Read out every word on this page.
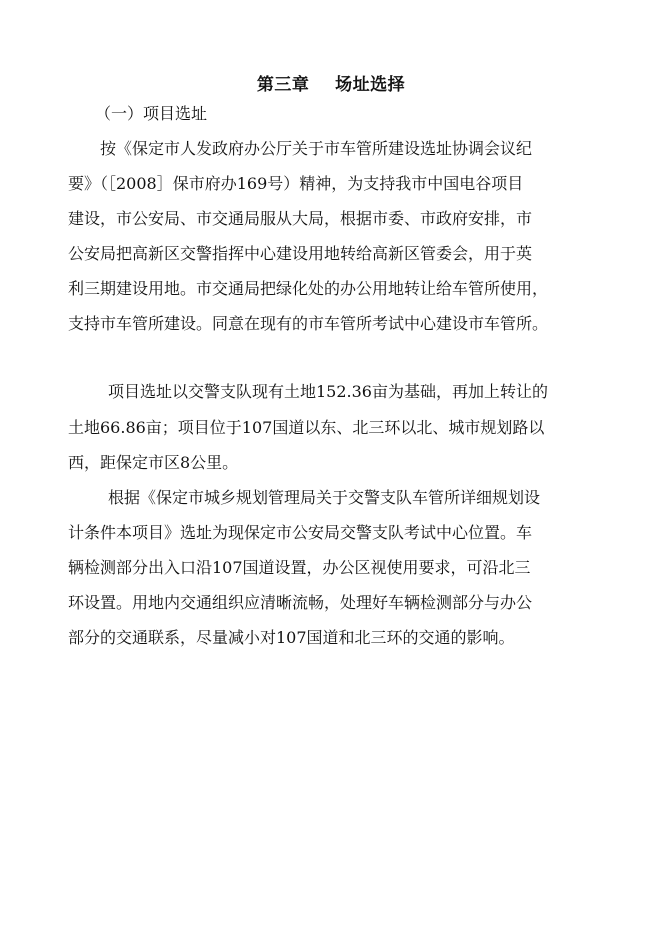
第三章    场址选择
（一）项目选址
按《保定市人发政府办公厅关于市车管所建设选址协调会议纪
要》（［2008］保市府办169号）精神，为支持我市中国电谷项目
建设，市公安局、市交通局服从大局，根据市委、市政府安排，市
公安局把高新区交警指挥中心建设用地转给高新区管委会，用于英
利三期建设用地。市交通局把绿化处的办公用地转让给车管所使用，
支持市车管所建设。同意在现有的市车管所考试中心建设市车管所。
项目选址以交警支队现有土地152.36亩为基础，再加上转让的
土地66.86亩；项目位于107国道以东、北三环以北、城市规划路以
西，距保定市区8公里。
根据《保定市城乡规划管理局关于交警支队车管所详细规划设
计条件本项目》选址为现保定市公安局交警支队考试中心位置。车
辆检测部分出入口沿107国道设置，办公区视使用要求，可沿北三
环设置。用地内交通组织应清晰流畅，处理好车辆检测部分与办公
部分的交通联系，尽量减小对107国道和北三环的交通的影响。
